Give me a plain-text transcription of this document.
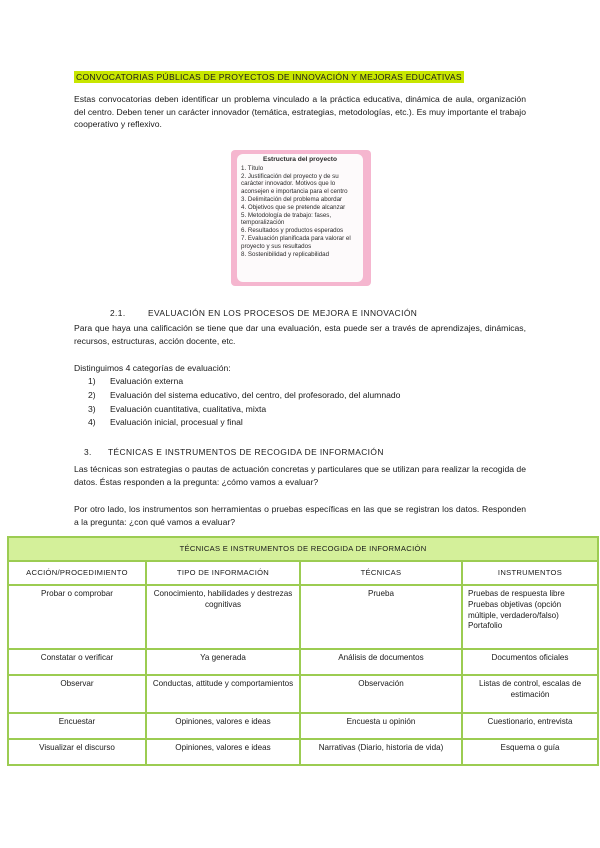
CONVOCATORIAS PÚBLICAS DE PROYECTOS DE INNOVACIÓN Y MEJORAS EDUCATIVAS

Estas convocatorias deben identificar un problema vinculado a la práctica educativa, dinámica de aula, organización del centro. Deben tener un carácter innovador (temática, estrategias, metodologías, etc.). Es muy importante el trabajo cooperativo y reflexivo.

Estructura del proyecto
1. Título
2. Justificación del proyecto y de su carácter innovador. Motivos que lo aconsejen e importancia para el centro
3. Delimitación del problema abordar
4. Objetivos que se pretende alcanzar
5. Metodología de trabajo: fases, temporalización
6. Resultados y productos esperados
7. Evaluación planificada para valorar el proyecto y sus resultados
8. Sostenibilidad y replicabilidad
2.1.	EVALUACIÓN EN LOS PROCESOS DE MEJORA E INNOVACIÓN

Para que haya una calificación se tiene que dar una evaluación, esta puede ser a través de aprendizajes, dinámicas, recursos, estructuras, acción docente, etc.

Distinguimos 4 categorías de evaluación:

1) Evaluación externa
2) Evaluación del sistema educativo, del centro, del profesorado, del alumnado
3) Evaluación cuantitativa, cualitativa, mixta
4) Evaluación inicial, procesual y final
3. TÉCNICAS E INSTRUMENTOS DE RECOGIDA DE INFORMACIÓN

Las técnicas son estrategias o pautas de actuación concretas y particulares que se utilizan para realizar la recogida de datos. Éstas responden a la pregunta: ¿cómo vamos a evaluar?

Por otro lado, los instrumentos son herramientas o pruebas específicas en las que se registran los datos. Responden a la pregunta: ¿con qué vamos a evaluar?

TÉCNICAS E INSTRUMENTOS DE RECOGIDA DE INFORMACIÓN			
ACCIÓN/PROCEDIMIENTO	TIPO DE INFORMACIÓN	TÉCNICAS	INSTRUMENTOS
Probar o comprobar	Conocimiento, habilidades y destrezas cognitivas	Prueba	Pruebas de respuesta libre
Pruebas objetivas (opción múltiple, verdadero/falso)
Portafolio

Constatar o verificar	Ya generada	Análisis de documentos	Documentos oficiales
Observar	Conductas, attitude y comportamientos	Observación	Listas de control, escalas de estimación
Encuestar	Opiniones, valores e ideas	Encuesta u opinión	Cuestionario, entrevista
Visualizar el discurso	Opiniones, valores e ideas	Narrativas (Diario, historia de vida)	Esquema o guía
